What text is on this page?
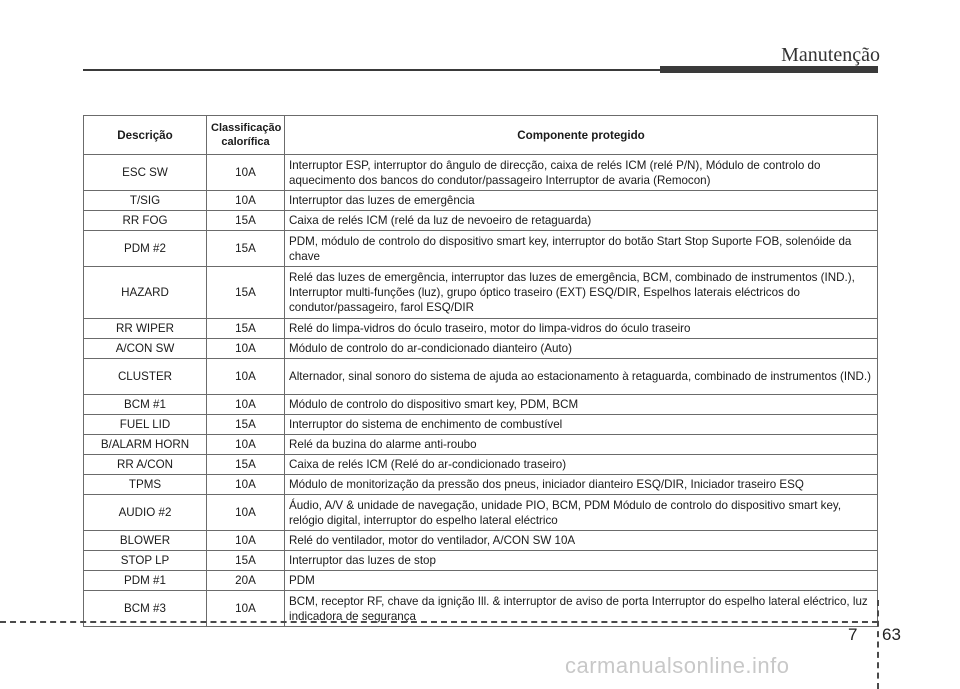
Manutenção
Descrição	Classificação calorífica	Componente protegido
ESC SW	10A	Interruptor ESP, interruptor do ângulo de direcção, caixa de relés ICM (relé P/N), Módulo de controlo do aquecimento dos bancos do condutor/passageiro Interruptor de avaria (Remocon)
T/SIG	10A	Interruptor das luzes de emergência
RR FOG	15A	Caixa de relés ICM (relé da luz de nevoeiro de retaguarda)
PDM #2	15A	PDM, módulo de controlo do dispositivo smart key, interruptor do botão Start Stop Suporte FOB, solenóide da chave
HAZARD	15A	Relé das luzes de emergência, interruptor das luzes de emergência, BCM, combinado de instrumentos (IND.), Interruptor multi-funções (luz), grupo óptico traseiro (EXT) ESQ/DIR, Espelhos laterais eléctricos do condutor/passageiro, farol ESQ/DIR
RR WIPER	15A	Relé do limpa-vidros do óculo traseiro, motor do limpa-vidros do óculo traseiro
A/CON SW	10A	Módulo de controlo do ar-condicionado dianteiro (Auto)
CLUSTER	10A	Alternador, sinal sonoro do sistema de ajuda ao estacionamento à retaguarda, combinado de instrumentos (IND.)
BCM #1	10A	Módulo de controlo do dispositivo smart key, PDM, BCM
FUEL LID	15A	Interruptor do sistema de enchimento de combustível
B/ALARM HORN	10A	Relé da buzina do alarme anti-roubo
RR A/CON	15A	Caixa de relés ICM (Relé do ar-condicionado traseiro)
TPMS	10A	Módulo de monitorização da pressão dos pneus, iniciador dianteiro ESQ/DIR, Iniciador traseiro ESQ
AUDIO #2	10A	Áudio, A/V & unidade de navegação, unidade PIO, BCM, PDM Módulo de controlo do dispositivo smart key, relógio digital, interruptor do espelho lateral eléctrico
BLOWER	10A	Relé do ventilador, motor do ventilador, A/CON SW 10A
STOP LP	15A	Interruptor das luzes de stop
PDM #1	20A	PDM
BCM #3	10A	BCM, receptor RF, chave da ignição Ill. & interruptor de aviso de porta Interruptor do espelho lateral eléctrico, luz indicadora de segurança
7 63
carmanualsonline.info
